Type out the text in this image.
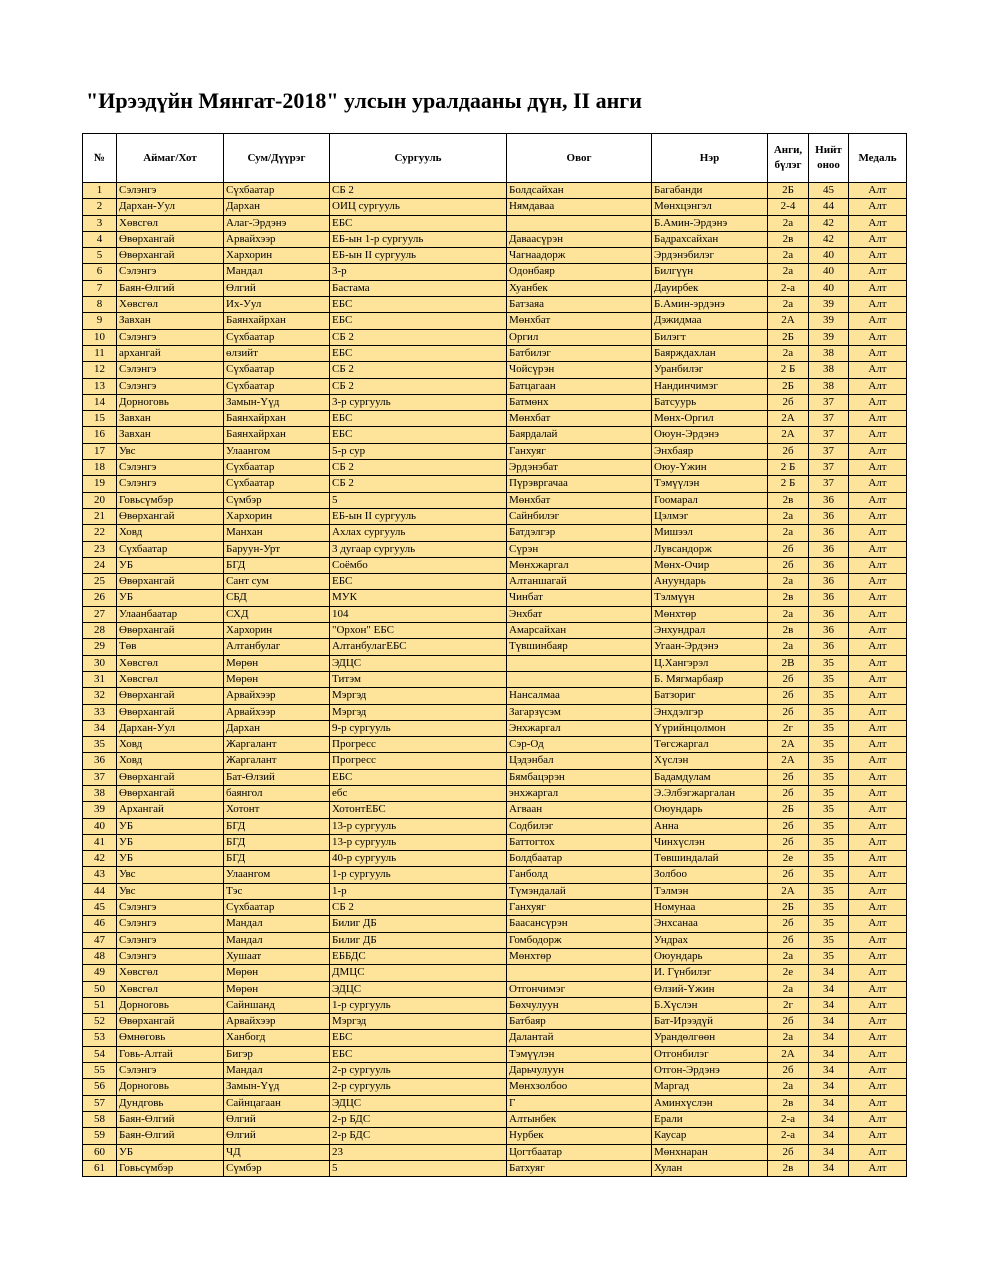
"Ирээдүйн Мянгат-2018" улсын уралдааны дүн, II анги
№	Аймаг/Хот	Сум/Дүүрэг	Сургууль	Овог	Нэр	Анги, бүлэг	Нийт оноо	Медаль
1	Сэлэнгэ	Сүхбаатар	СБ 2	Болдсайхан	Багабанди	2Б	45	Алт
2	Дархан-Уул	Дархан	ОИЦ сургууль	Нямдаваа	Мөнхцэнгэл	2-4	44	Алт
3	Хөвсгөл	Алаг-Эрдэнэ	ЕБС		Б.Амин-Эрдэнэ	2а	42	Алт
4	Өвөрхангай	Арвайхээр	ЕБ-ын 1-р сургууль	Даваасүрэн	Бадрахсайхан	2в	42	Алт
5	Өвөрхангай	Хархорин	ЕБ-ын II сургууль	Чагнаадорж	Эрдэнэбилэг	2а	40	Алт
6	Сэлэнгэ	Мандал	3-р	Одонбаяр	Билгүүн	2а	40	Алт
7	Баян-Өлгий	Өлгий	Бастама	Хуанбек	Дауирбек	2-а	40	Алт
8	Хөвсгөл	Их-Уул	ЕБС	Батзаяа	Б.Амин-эрдэнэ	2а	39	Алт
9	Завхан	Баянхайрхан	ЕБС	Мөнхбат	Дэжидмаа	2А	39	Алт
10	Сэлэнгэ	Сүхбаатар	СБ 2	Оргил	Билэгт	2Б	39	Алт
11	архангай	өлзийт	ЕБС	Батбилэг	Баярждахлан	2а	38	Алт
12	Сэлэнгэ	Сүхбаатар	СБ 2	Чойсүрэн	Уранбилэг	2 Б	38	Алт
13	Сэлэнгэ	Сүхбаатар	СБ 2	Батцагаан	Нандинчимэг	2Б	38	Алт
14	Дорноговь	Замын-Үүд	3-р сургууль	Батмөнх	Батсуурь	2б	37	Алт
15	Завхан	Баянхайрхан	ЕБС	Мөнхбат	Мөнх-Оргил	2А	37	Алт
16	Завхан	Баянхайрхан	ЕБС	Баярдалай	Оюун-Эрдэнэ	2А	37	Алт
17	Увс	Улаангом	5-р сур	Ганхуяг	Энхбаяр	2б	37	Алт
18	Сэлэнгэ	Сүхбаатар	СБ 2	Эрдэнэбат	Оюу-Үжин	2 Б	37	Алт
19	Сэлэнгэ	Сүхбаатар	СБ 2	Пүрэвргачаа	Тэмүүлэн	2 Б	37	Алт
20	Говьсүмбэр	Сүмбэр	5	Мөнхбат	Гоомарал	2в	36	Алт
21	Өвөрхангай	Хархорин	ЕБ-ын II сургууль	Сайнбилэг	Цэлмэг	2а	36	Алт
22	Ховд	Манхан	Ахлах сургууль	Батдэлгэр	Мишээл	2а	36	Алт
23	Сүхбаатар	Баруун-Урт	3 дугаар сургууль	Сүрэн	Лувсандорж	2б	36	Алт
24	УБ	БГД	Соёмбо	Мөнхжаргал	Мөнх-Очир	2б	36	Алт
25	Өвөрхангай	Сант сум	ЕБС	Алтаншагай	Ануундарь	2а	36	Алт
26	УБ	СБД	МУК	Чинбат	Тэлмүүн	2в	36	Алт
27	Улаанбаатар	СХД	104	Энхбат	Мөнхтөр	2а	36	Алт
28	Өвөрхангай	Хархорин	"Орхон" ЕБС	Амарсайхан	Энхундрал	2в	36	Алт
29	Төв	Алтанбулаг	АлтанбулагЕБС	Түвшинбаяр	Угаан-Эрдэнэ	2а	36	Алт
30	Хөвсгөл	Мөрөн	ЭДЦС		Ц.Хангэрэл	2В	35	Алт
31	Хөвсгөл	Мөрөн	Титэм		Б. Мягмарбаяр	2б	35	Алт
32	Өвөрхангай	Арвайхээр	Мэргэд	Нансалмаа	Батзориг	2б	35	Алт
33	Өвөрхангай	Арвайхээр	Мэргэд	Загарзүсэм	Энхдэлгэр	2б	35	Алт
34	Дархан-Уул	Дархан	9-р сургууль	Энхжаргал	Үүрийнцолмон	2г	35	Алт
35	Ховд	Жаргалант	Прогресс	Сэр-Од	Төгсжаргал	2А	35	Алт
36	Ховд	Жаргалант	Прогресс	Цэдэнбал	Хүслэн	2А	35	Алт
37	Өвөрхангай	Бат-Өлзий	ЕБС	Бямбацэрэн	Бадамдулам	2б	35	Алт
38	Өвөрхангай	баянгол	ебс	энхжаргал	Э.Элбэгжаргалан	2б	35	Алт
39	Архангай	Хотонт	ХотонтЕБС	Агваан	Оюундарь	2Б	35	Алт
40	УБ	БГД	13-р сургууль	Содбилэг	Анна	2б	35	Алт
41	УБ	БГД	13-р сургууль	Баттогтох	Чинхүслэн	2б	35	Алт
42	УБ	БГД	40-р сургууль	Болдбаатар	Төвшиндалай	2е	35	Алт
43	Увс	Улаангом	1-р сургууль	Ганболд	Золбоо	2б	35	Алт
44	Увс	Тэс	1-р	Түмэндалай	Тэлмэн	2А	35	Алт
45	Сэлэнгэ	Сүхбаатар	СБ 2	Ганхуяг	Номунаа	2Б	35	Алт
46	Сэлэнгэ	Мандал	Билиг ДБ	Баасансүрэн	Энхсанаа	2б	35	Алт
47	Сэлэнгэ	Мандал	Билиг ДБ	Гомбодорж	Ундрах	2б	35	Алт
48	Сэлэнгэ	Хушаат	ЕББДС	Мөнхтөр	Оюундарь	2а	35	Алт
49	Хөвсгөл	Мөрөн	ДМЦС		И. Гүнбилэг	2е	34	Алт
50	Хөвсгөл	Мөрөн	ЭДЦС	Отгончимэг	Өлзий-Үжин	2а	34	Алт
51	Дорноговь	Сайншанд	1-р сургууль	Бөхчулуун	Б.Хүслэн	2г	34	Алт
52	Өвөрхангай	Арвайхээр	Мэргэд	Батбаяр	Бат-Ирээдүй	2б	34	Алт
53	Өмнөговь	Ханбогд	ЕБС	Далантай	Урандөлгөөн	2а	34	Алт
54	Говь-Алтай	Бигэр	ЕБС	Тэмүүлэн	Отгонбилэг	2А	34	Алт
55	Сэлэнгэ	Мандал	2-р сургууль	Дарьчулуун	Отгон-Эрдэнэ	2б	34	Алт
56	Дорноговь	Замын-Үүд	2-р сургууль	Мөнхзолбоо	Маргад	2а	34	Алт
57	Дундговь	Сайнцагаан	ЭДЦС	Г	Аминхүслэн	2в	34	Алт
58	Баян-Өлгий	Өлгий	2-р БДС	Алтынбек	Ерали	2-а	34	Алт
59	Баян-Өлгий	Өлгий	2-р БДС	Нурбек	Каусар	2-а	34	Алт
60	УБ	ЧД	23	Цогтбаатар	Мөнхнаран	2б	34	Алт
61	Говьсүмбэр	Сүмбэр	5	Батхуяг	Хулан	2в	34	Алт
